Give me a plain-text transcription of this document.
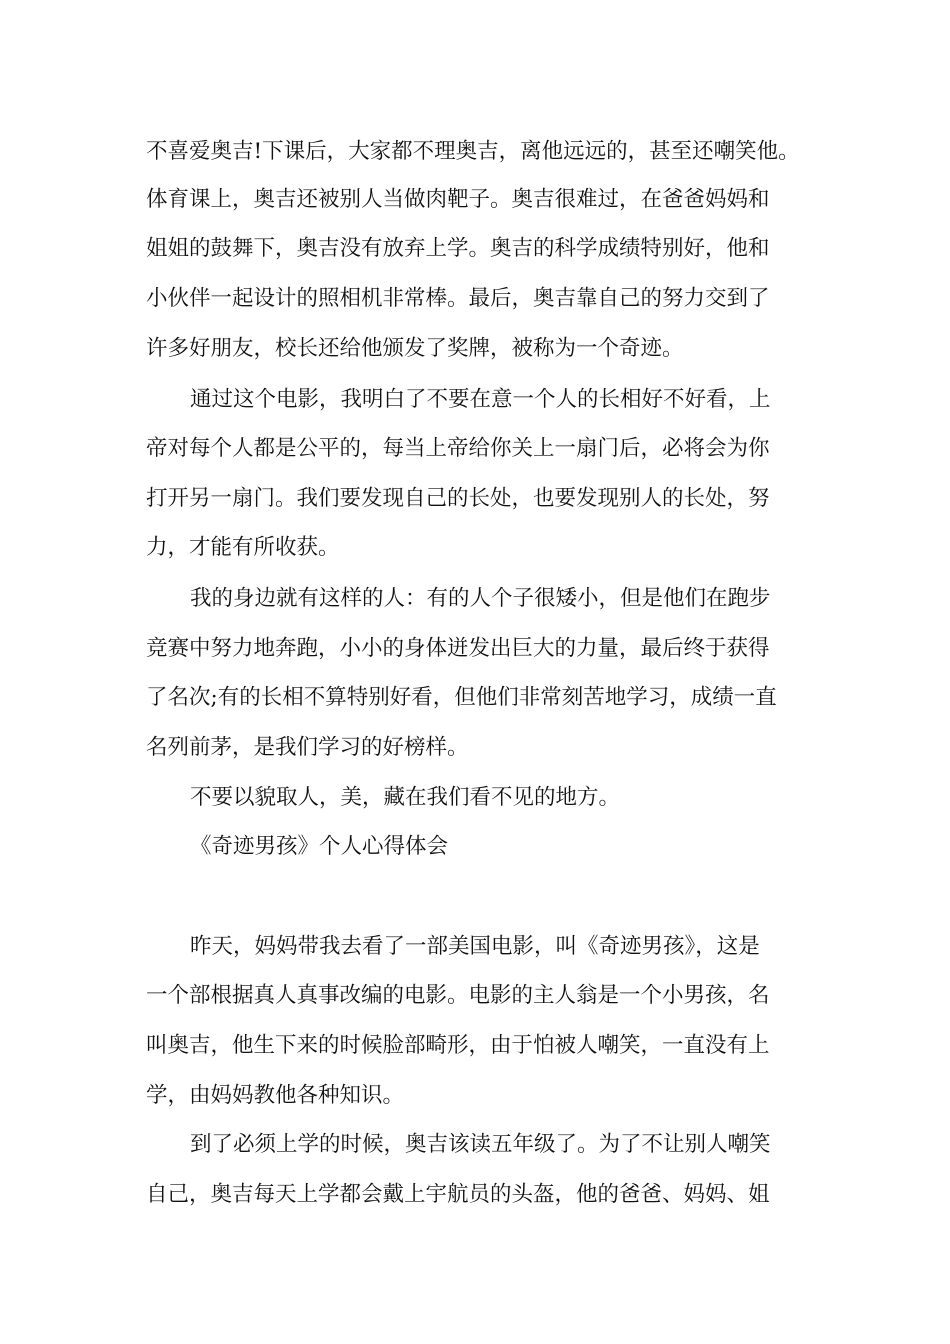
不喜爱奥吉!下课后，大家都不理奥吉，离他远远的，甚至还嘲笑他。
体育课上，奥吉还被别人当做肉靶子。奥吉很难过，在爸爸妈妈和
姐姐的鼓舞下，奥吉没有放弃上学。奥吉的科学成绩特别好，他和
小伙伴一起设计的照相机非常棒。最后，奥吉靠自己的努力交到了
许多好朋友，校长还给他颁发了奖牌，被称为一个奇迹。
通过这个电影，我明白了不要在意一个人的长相好不好看，上
帝对每个人都是公平的，每当上帝给你关上一扇门后，必将会为你
打开另一扇门。我们要发现自己的长处，也要发现别人的长处，努
力，才能有所收获。
我的身边就有这样的人：有的人个子很矮小，但是他们在跑步
竞赛中努力地奔跑，小小的身体迸发出巨大的力量，最后终于获得
了名次;有的长相不算特别好看，但他们非常刻苦地学习，成绩一直
名列前茅，是我们学习的好榜样。
不要以貌取人，美，藏在我们看不见的地方。
《奇迹男孩》个人心得体会
昨天，妈妈带我去看了一部美国电影，叫《奇迹男孩》，这是
一个部根据真人真事改编的电影。电影的主人翁是一个小男孩，名
叫奥吉，他生下来的时候脸部畸形，由于怕被人嘲笑，一直没有上
学，由妈妈教他各种知识。
到了必须上学的时候，奥吉该读五年级了。为了不让别人嘲笑
自己，奥吉每天上学都会戴上宇航员的头盔，他的爸爸、妈妈、姐
